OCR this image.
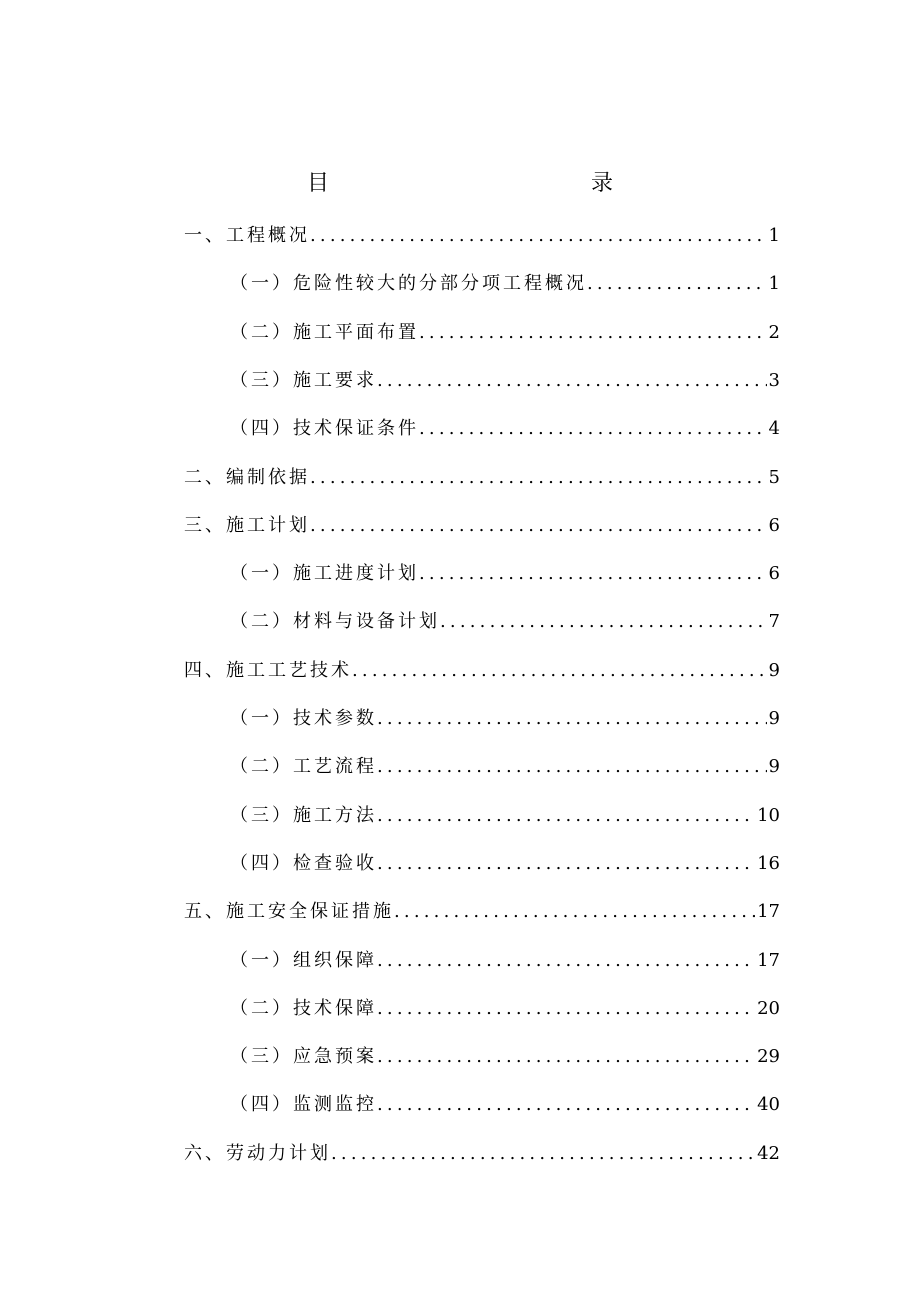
目	录
一、工程概况 .....	1
（一）危险性较大的分部分项工程概况 .....	1
（二）施工平面布置 .....	2
（三）施工要求 .....	3
（四）技术保证条件 .....	4
二、编制依据 .....	5
三、施工计划 .....	6
（一）施工进度计划 .....	6
（二）材料与设备计划 .....	7
四、施工工艺技术 .....	9
（一）技术参数 .....	9
（二）工艺流程 .....	9
（三）施工方法 .....	10
（四）检查验收 .....	16
五、施工安全保证措施 .....	17
（一）组织保障 .....	17
（二）技术保障 .....	20
（三）应急预案 .....	29
（四）监测监控 .....	40
六、劳动力计划 .....	42
